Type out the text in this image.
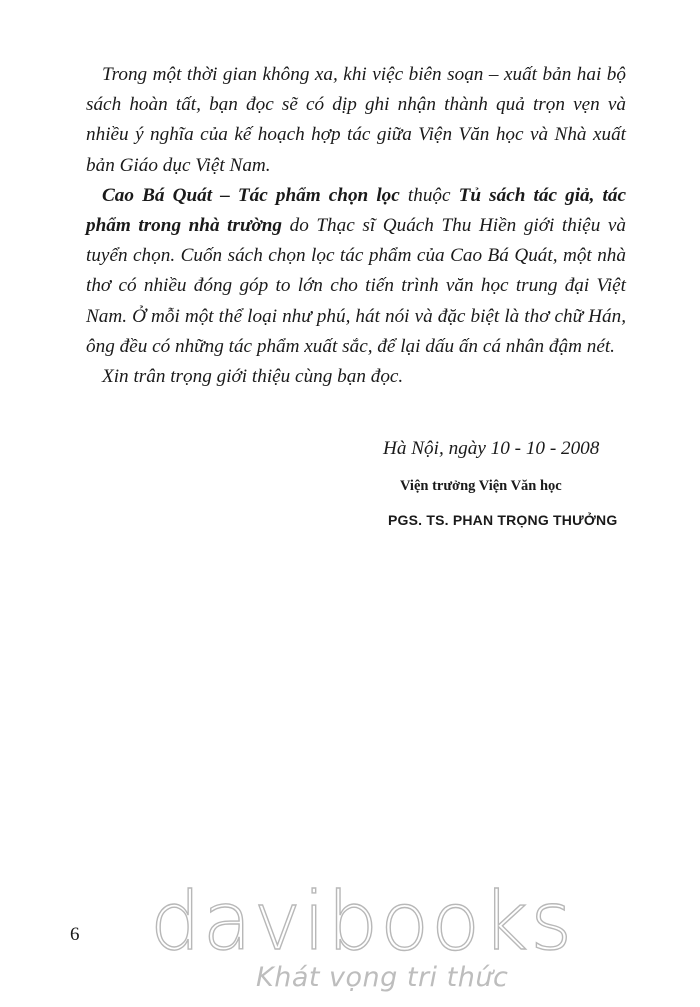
Trong một thời gian không xa, khi việc biên soạn – xuất bản hai bộ sách hoàn tất, bạn đọc sẽ có dịp ghi nhận thành quả trọn vẹn và nhiều ý nghĩa của kế hoạch hợp tác giữa Viện Văn học và Nhà xuất bản Giáo dục Việt Nam.

Cao Bá Quát – Tác phẩm chọn lọc thuộc Tủ sách tác giả, tác phẩm trong nhà trường do Thạc sĩ Quách Thu Hiền giới thiệu và tuyển chọn. Cuốn sách chọn lọc tác phẩm của Cao Bá Quát, một nhà thơ có nhiều đóng góp to lớn cho tiến trình văn học trung đại Việt Nam. Ở mỗi một thể loại như phú, hát nói và đặc biệt là thơ chữ Hán, ông đều có những tác phẩm xuất sắc, để lại dấu ấn cá nhân đậm nét.

Xin trân trọng giới thiệu cùng bạn đọc.

Hà Nội, ngày 10 - 10 - 2008
Viện trưởng Viện Văn học
PGS. TS. PHAN TRỌNG THƯỞNG
6 davibooks
Khát vọng tri thức
